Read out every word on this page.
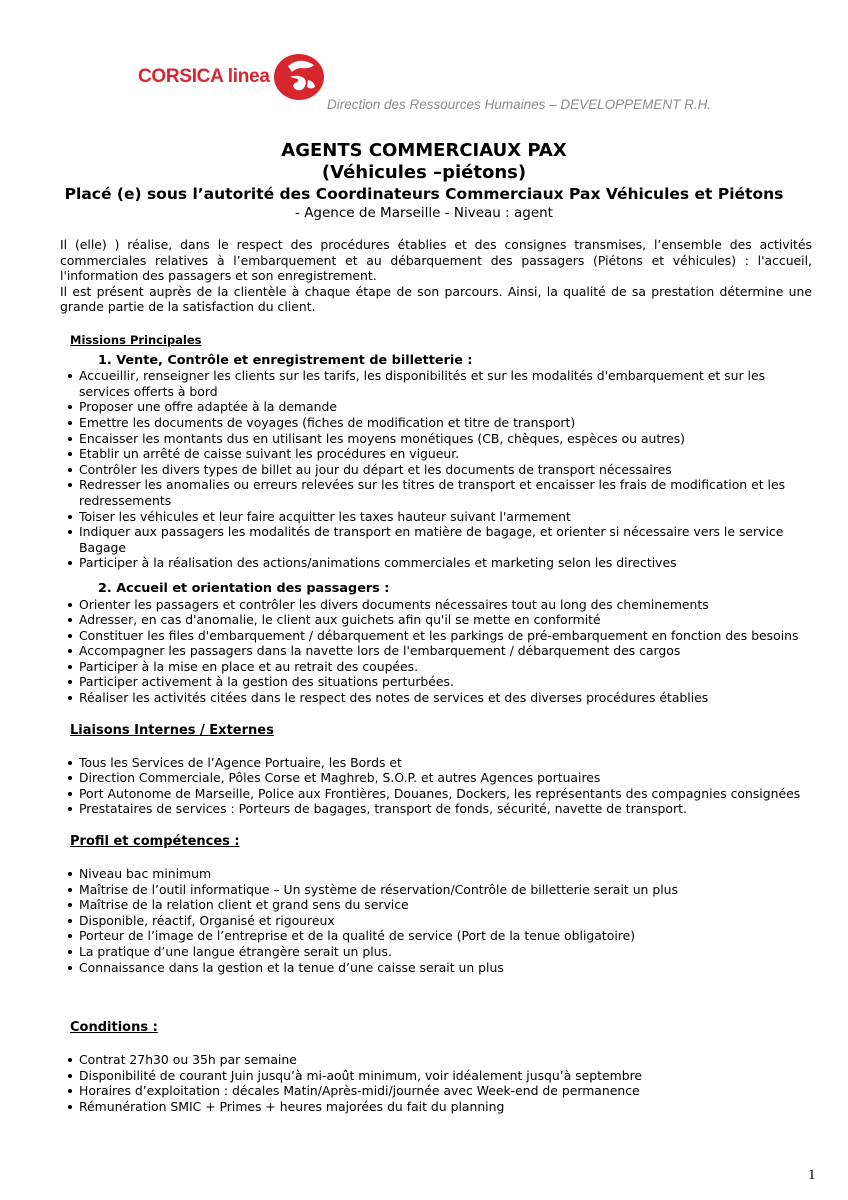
CORSICA linea
Direction des Ressources Humaines – DEVELOPPEMENT R.H.
AGENTS COMMERCIAUX PAX
(Véhicules –piétons)
Placé (e) sous l’autorité des Coordinateurs Commerciaux Pax Véhicules et Piétons
- Agence de Marseille - Niveau : agent

Il (elle) ) réalise, dans le respect des procédures établies et des consignes transmises, l’ensemble des activités commerciales relatives à l’embarquement et au débarquement des passagers (Piétons et véhicules) : l'accueil, l'information des passagers et son enregistrement.

Il est présent auprès de la clientèle à chaque étape de son parcours. Ainsi, la qualité de sa prestation détermine une grande partie de la satisfaction du client.

Missions Principales
1. Vente, Contrôle et enregistrement de billetterie :
Accueillir, renseigner les clients sur les tarifs, les disponibilités et sur les modalités d'embarquement et sur les services offerts à bord
Proposer une offre adaptée à la demande
Emettre les documents de voyages (fiches de modification et titre de transport)
Encaisser les montants dus en utilisant les moyens monétiques (CB, chèques, espèces ou autres)
Etablir un arrêté de caisse suivant les procédures en vigueur.
Contrôler les divers types de billet au jour du départ et les documents de transport nécessaires
Redresser les anomalies ou erreurs relevées sur les titres de transport et encaisser les frais de modification et les redressements
Toiser les véhicules et leur faire acquitter les taxes hauteur suivant l'armement
Indiquer aux passagers les modalités de transport en matière de bagage, et orienter si nécessaire vers le service Bagage
Participer à la réalisation des actions/animations commerciales et marketing selon les directives
2. Accueil et orientation des passagers :
Orienter les passagers et contrôler les divers documents nécessaires tout au long des cheminements
Adresser, en cas d'anomalie, le client aux guichets afin qu'il se mette en conformité
Constituer les files d'embarquement / débarquement et les parkings de pré-embarquement en fonction des besoins
Accompagner les passagers dans la navette lors de l'embarquement / débarquement des cargos
Participer à la mise en place et au retrait des coupées.
Participer activement à la gestion des situations perturbées.
Réaliser les activités citées dans le respect des notes de services et des diverses procédures établies
Liaisons Internes / Externes
Tous les Services de l’Agence Portuaire, les Bords et
Direction Commerciale, Pôles Corse et Maghreb, S.O.P. et autres Agences portuaires
Port Autonome de Marseille, Police aux Frontières, Douanes, Dockers, les représentants des compagnies consignées
Prestataires de services : Porteurs de bagages, transport de fonds, sécurité, navette de transport.
Profil et compétences :
Niveau bac minimum
Maîtrise de l’outil informatique – Un système de réservation/Contrôle de billetterie serait un plus
Maîtrise de la relation client et grand sens du service
Disponible, réactif, Organisé et rigoureux
Porteur de l’image de l’entreprise et de la qualité de service (Port de la tenue obligatoire)
La pratique d’une langue étrangère serait un plus.
Connaissance dans la gestion et la tenue d’une caisse serait un plus
Conditions :
Contrat 27h30 ou 35h par semaine
Disponibilité de courant Juin jusqu’à mi-août minimum, voir idéalement jusqu’à septembre
Horaires d’exploitation : décales Matin/Après-midi/journée avec Week-end de permanence
Rémunération SMIC + Primes + heures majorées du fait du planning
1
